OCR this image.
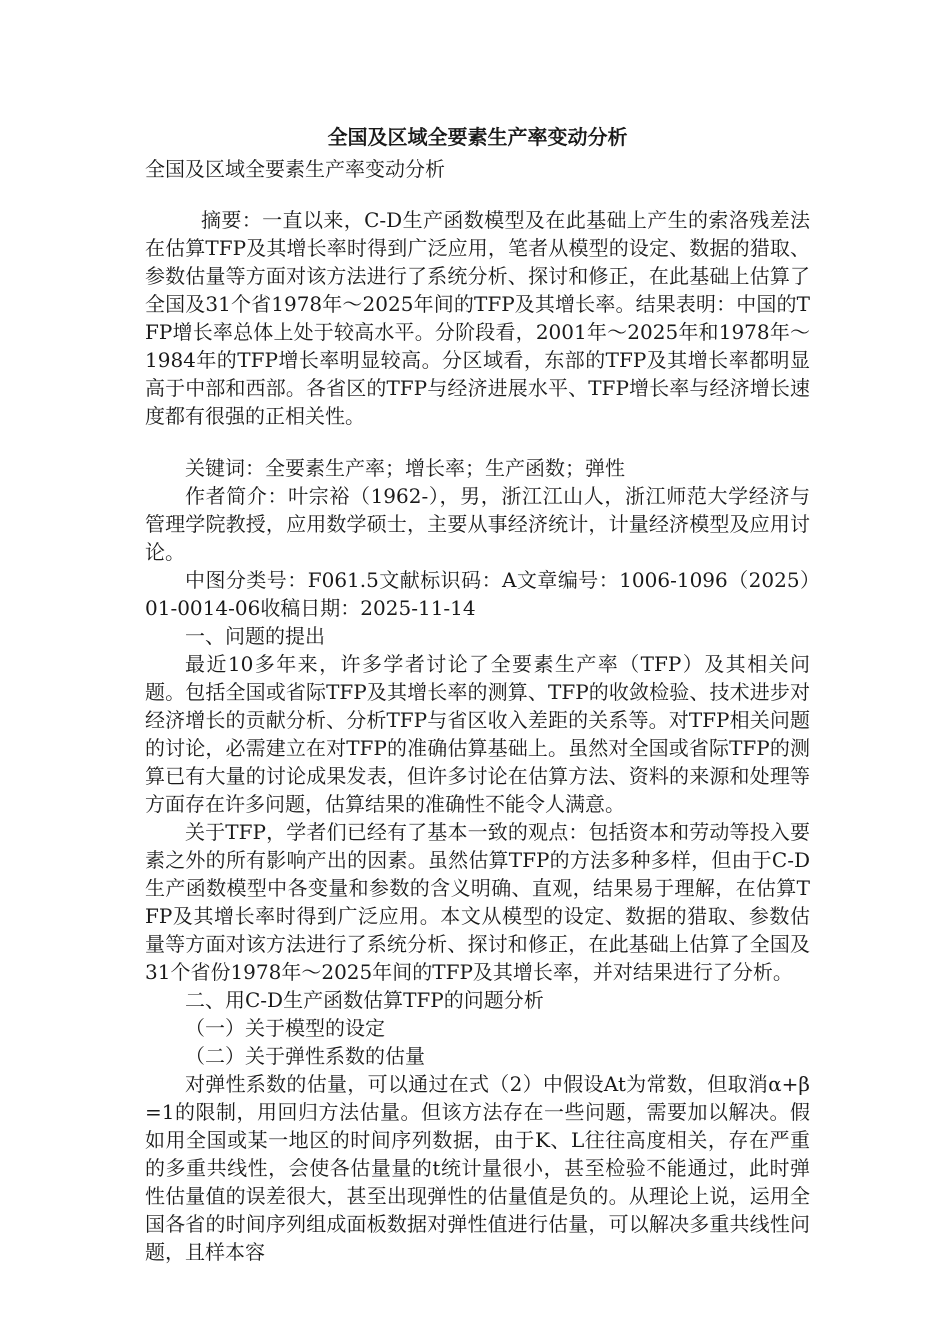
全国及区域全要素生产率变动分析

全国及区域全要素生产率变动分析

摘要：一直以来，C-D生产函数模型及在此基础上产生的索洛残差法在估算TFP及其增长率时得到广泛应用，笔者从模型的设定、数据的猎取、参数估量等方面对该方法进行了系统分析、探讨和修正，在此基础上估算了全国及31个省1978年～2025年间的TFP及其增长率。结果表明：中国的TFP增长率总体上处于较高水平。分阶段看，2001年～2025年和1978年～1984年的TFP增长率明显较高。分区域看，东部的TFP及其增长率都明显高于中部和西部。各省区的TFP与经济进展水平、TFP增长率与经济增长速度都有很强的正相关性。

关键词：全要素生产率；增长率；生产函数；弹性

作者简介：叶宗裕（1962-），男，浙江江山人，浙江师范大学经济与管理学院教授，应用数学硕士，主要从事经济统计，计量经济模型及应用讨论。

中图分类号：F061.5文献标识码：A文章编号：1006-1096（2025）01-0014-06收稿日期：2025-11-14

一、问题的提出

最近10多年来，许多学者讨论了全要素生产率（TFP）及其相关问题。包括全国或省际TFP及其增长率的测算、TFP的收敛检验、技术进步对经济增长的贡献分析、分析TFP与省区收入差距的关系等。对TFP相关问题的讨论，必需建立在对TFP的准确估算基础上。虽然对全国或省际TFP的测算已有大量的讨论成果发表，但许多讨论在估算方法、资料的来源和处理等方面存在许多问题，估算结果的准确性不能令人满意。

关于TFP，学者们已经有了基本一致的观点：包括资本和劳动等投入要素之外的所有影响产出的因素。虽然估算TFP的方法多种多样，但由于C-D生产函数模型中各变量和参数的含义明确、直观，结果易于理解，在估算TFP及其增长率时得到广泛应用。本文从模型的设定、数据的猎取、参数估量等方面对该方法进行了系统分析、探讨和修正，在此基础上估算了全国及31个省份1978年～2025年间的TFP及其增长率，并对结果进行了分析。

二、用C-D生产函数估算TFP的问题分析

（一）关于模型的设定

（二）关于弹性系数的估量

对弹性系数的估量，可以通过在式（2）中假设At为常数，但取消α+β=1的限制，用回归方法估量。但该方法存在一些问题，需要加以解决。假如用全国或某一地区的时间序列数据，由于K、L往往高度相关，存在严重的多重共线性，会使各估量量的t统计量很小，甚至检验不能通过，此时弹性估量值的误差很大，甚至出现弹性的估量值是负的。从理论上说，运用全国各省的时间序列组成面板数据对弹性值进行估量，可以解决多重共线性问题，且样本容
